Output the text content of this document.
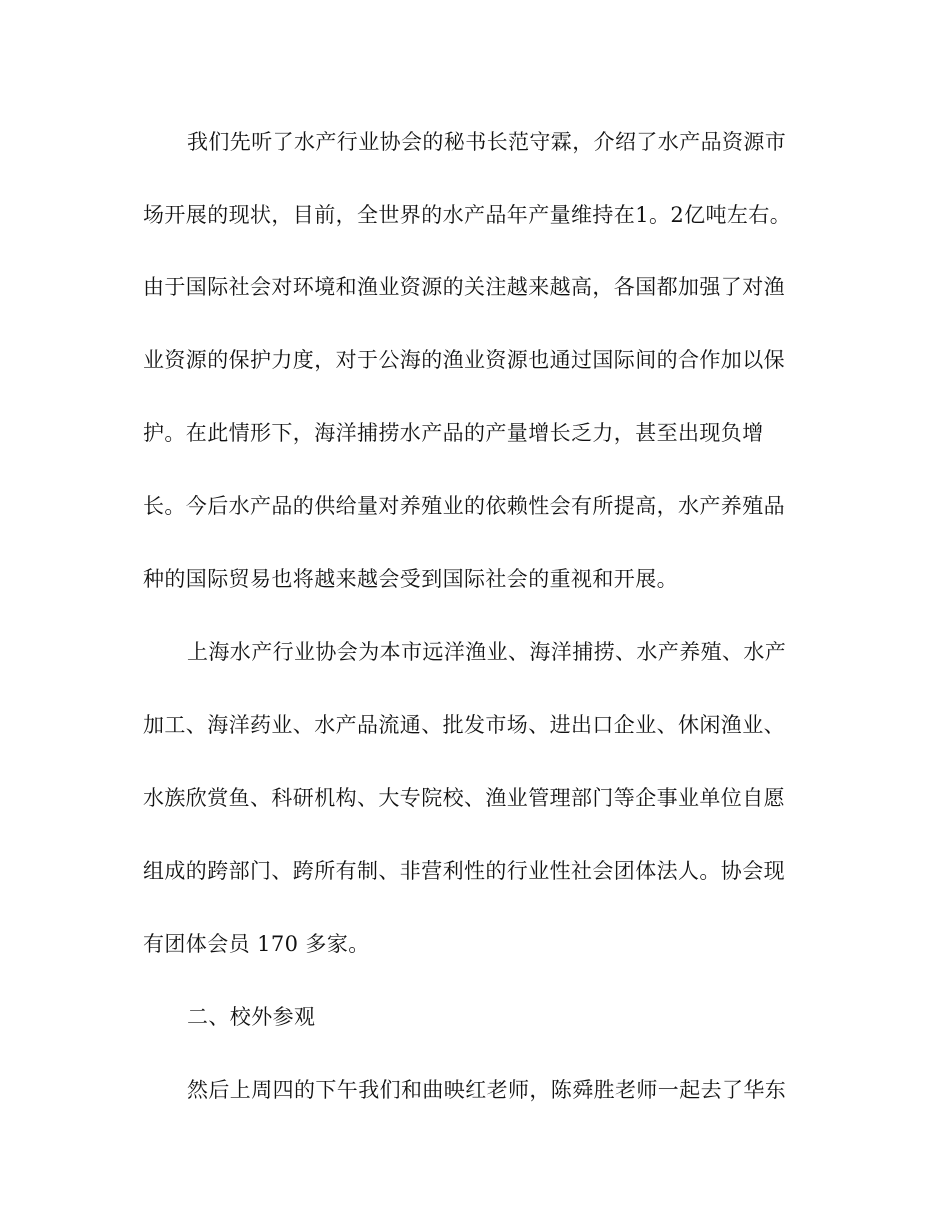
我们先听了水产行业协会的秘书长范守霖，介绍了水产品资源市
场开展的现状，目前，全世界的水产品年产量维持在1。2亿吨左右。
由于国际社会对环境和渔业资源的关注越来越高，各国都加强了对渔
业资源的保护力度，对于公海的渔业资源也通过国际间的合作加以保
护。在此情形下，海洋捕捞水产品的产量增长乏力，甚至出现负增
长。今后水产品的供给量对养殖业的依赖性会有所提高，水产养殖品
种的国际贸易也将越来越会受到国际社会的重视和开展。
上海水产行业协会为本市远洋渔业、海洋捕捞、水产养殖、水产
加工、海洋药业、水产品流通、批发市场、进出口企业、休闲渔业、
水族欣赏鱼、科研机构、大专院校、渔业管理部门等企事业单位自愿
组成的跨部门、跨所有制、非营利性的行业性社会团体法人。协会现
有团体会员 170 多家。
二、校外参观
然后上周四的下午我们和曲映红老师，陈舜胜老师一起去了华东
